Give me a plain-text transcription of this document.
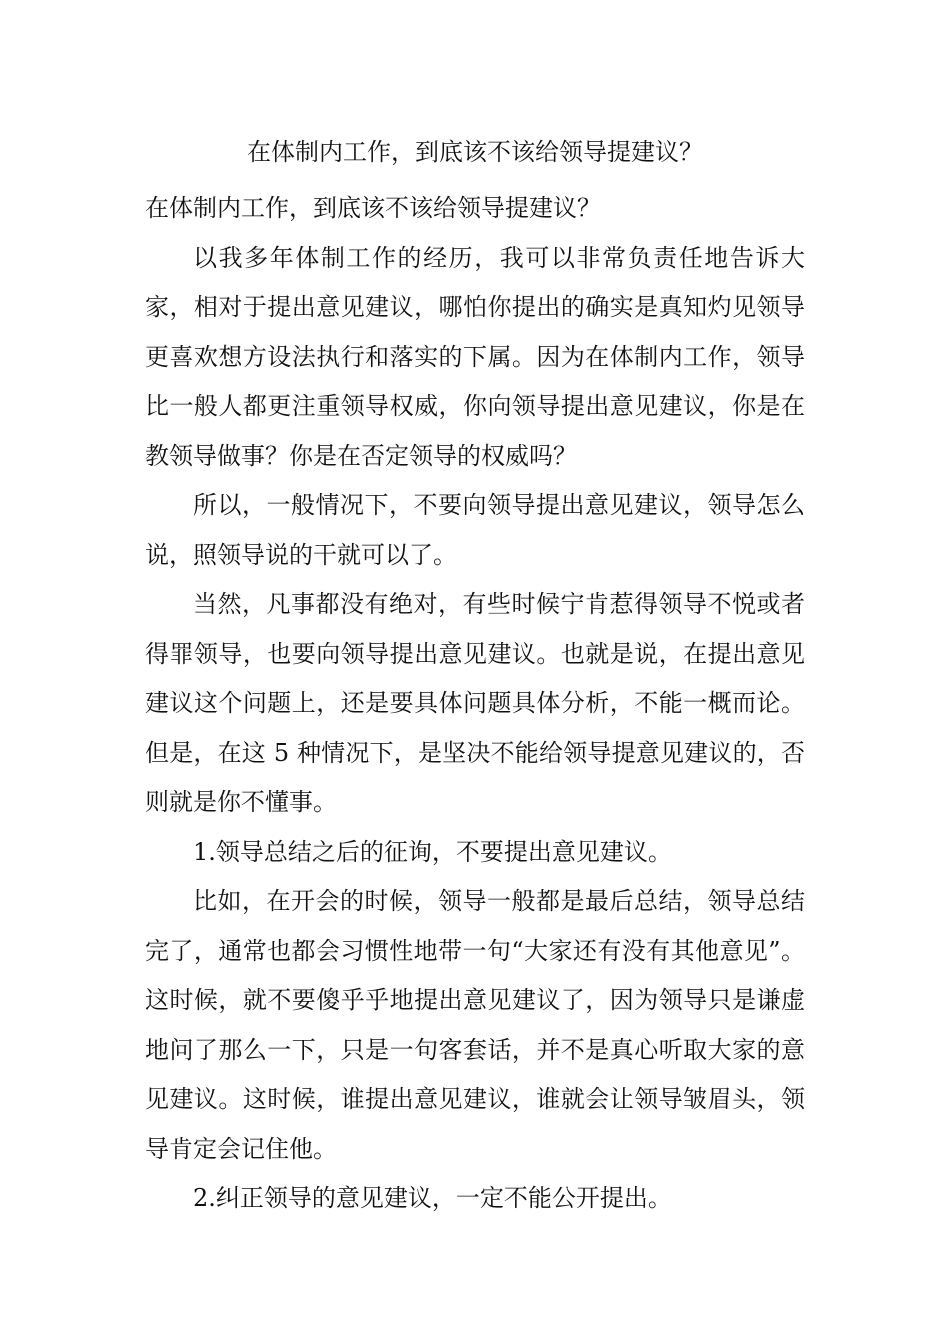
在体制内工作，到底该不该给领导提建议？

在体制内工作，到底该不该给领导提建议？

以我多年体制工作的经历，我可以非常负责任地告诉大家，相对于提出意见建议，哪怕你提出的确实是真知灼见领导更喜欢想方设法执行和落实的下属。因为在体制内工作，领导比一般人都更注重领导权威，你向领导提出意见建议，你是在教领导做事？你是在否定领导的权威吗？

所以，一般情况下，不要向领导提出意见建议，领导怎么说，照领导说的干就可以了。

当然，凡事都没有绝对，有些时候宁肯惹得领导不悦或者得罪领导，也要向领导提出意见建议。也就是说，在提出意见建议这个问题上，还是要具体问题具体分析，不能一概而论。但是，在这 5 种情况下，是坚决不能给领导提意见建议的，否则就是你不懂事。

1.领导总结之后的征询，不要提出意见建议。

比如，在开会的时候，领导一般都是最后总结，领导总结完了，通常也都会习惯性地带一句“大家还有没有其他意见”。这时候，就不要傻乎乎地提出意见建议了，因为领导只是谦虚地问了那么一下，只是一句客套话，并不是真心听取大家的意见建议。这时候，谁提出意见建议，谁就会让领导皱眉头，领导肯定会记住他。

2.纠正领导的意见建议，一定不能公开提出。
